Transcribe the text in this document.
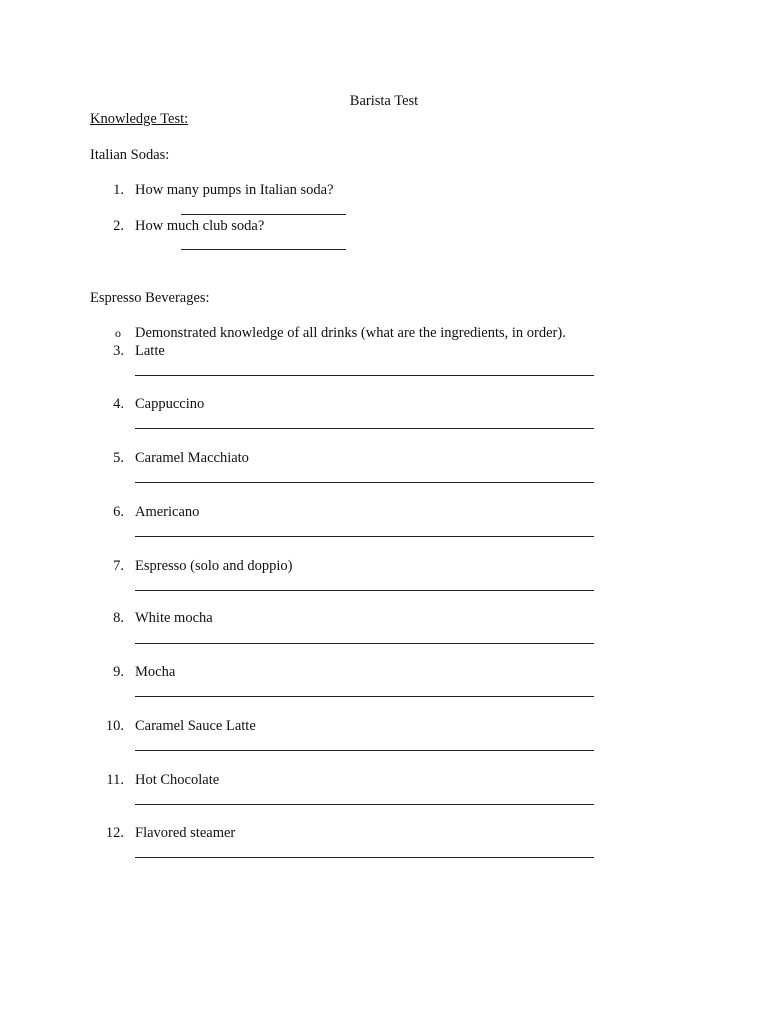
Barista Test
Knowledge Test:
Italian Sodas:
1. How many pumps in Italian soda?
2. How much club soda?
Espresso Beverages:
o Demonstrated knowledge of all drinks (what are the ingredients, in order).
3. Latte
4. Cappuccino
5. Caramel Macchiato
6. Americano
7. Espresso (solo and doppio)
8. White mocha
9. Mocha
10. Caramel Sauce Latte
11. Hot Chocolate
12. Flavored steamer
